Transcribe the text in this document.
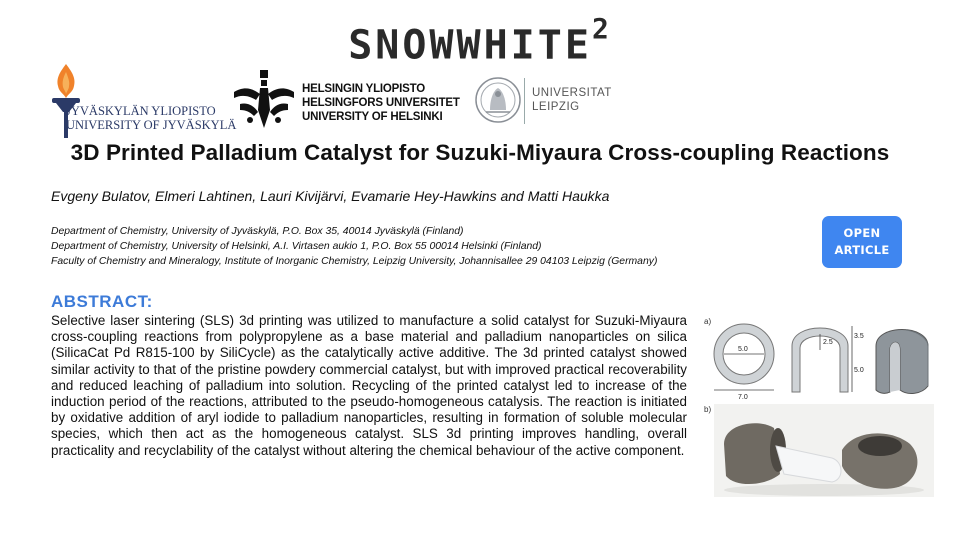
SNOWWHITE$^2$
JYVÄSKYLÄN YLIOPISTO
UNIVERSITY OF JYVÄSKYLÄ
HELSINGIN YLIOPISTO
HELSINGFORS UNIVERSITET
UNIVERSITY OF HELSINKI
UNIVERSITAT
LEIPZIG
3D Printed Palladium Catalyst for Suzuki-Miyaura Cross-coupling Reactions
Evgeny Bulatov, Elmeri Lahtinen, Lauri Kivijärvi, Evamarie Hey-Hawkins and Matti Haukka
Department of Chemistry, University of Jyväskylä, P.O. Box 35, 40014 Jyväskylä (Finland)
Department of Chemistry, University of Helsinki, A.I. Virtasen aukio 1, P.O. Box 55 00014 Helsinki (Finland)
Faculty of Chemistry and Mineralogy, Institute of Inorganic Chemistry, Leipzig University, Johannisallee 29 04103 Leipzig (Germany)
OPEN
ARTICLE
ABSTRACT:
Selective laser sintering (SLS) 3d printing was utilized to manufacture a solid catalyst for Suzuki-Miyaura cross-coupling reactions from polypropylene as a base material and palladium nanoparticles on silica (SilicaCat Pd R815-100 by SiliCycle) as the catalytically active additive. The 3d printed catalyst showed similar activity to that of the pristine powdery commercial catalyst, but with improved practical recoverability and reduced leaching of palladium into solution. Recycling of the printed catalyst led to increase of the induction period of the reactions, attributed to the pseudo-homogeneous catalysis. The reaction is initiated by oxidative addition of aryl iodide to palladium nanoparticles, resulting in formation of soluble molecular species, which then act as the homogeneous catalyst. SLS 3d printing improves handling, overall practicality and recyclability of the catalyst without altering the chemical behaviour of the active component.
a)
5.0
7.0
2.5
3.5
5.0
b)
